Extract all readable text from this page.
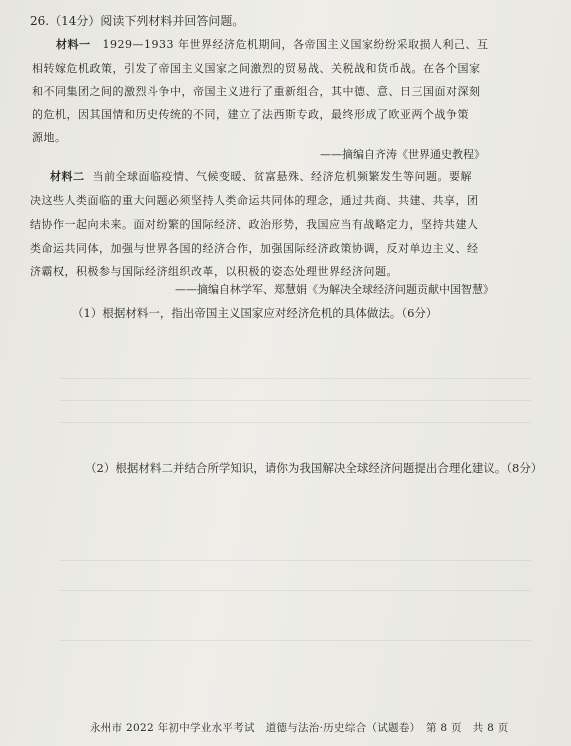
26.（14分）阅读下列材料并回答问题。
材料一 1929—1933 年世界经济危机期间，各帝国主义国家纷纷采取损人利己、互
相转嫁危机政策，引发了帝国主义国家之间激烈的贸易战、关税战和货币战。在各个国家
和不同集团之间的激烈斗争中，帝国主义进行了重新组合，其中德、意、日三国面对深刻
的危机，因其国情和历史传统的不同，建立了法西斯专政，最终形成了欧亚两个战争策
源地。
——摘编自齐涛《世界通史教程》
材料二 当前全球面临疫情、气候变暖、贫富悬殊、经济危机频繁发生等问题。要解
决这些人类面临的重大问题必须坚持人类命运共同体的理念，通过共商、共建、共享，团
结协作一起向未来。面对纷繁的国际经济、政治形势，我国应当有战略定力，坚持共建人
类命运共同体，加强与世界各国的经济合作，加强国际经济政策协调，反对单边主义、经
济霸权，积极参与国际经济组织改革，以积极的姿态处理世界经济问题。
——摘编自林学军、郑慧娟《为解决全球经济问题贡献中国智慧》
（1）根据材料一，指出帝国主义国家应对经济危机的具体做法。（6分）
（2）根据材料二并结合所学知识，请你为我国解决全球经济问题提出合理化建议。（8分）
永州市 2022 年初中学业水平考试　道德与法治·历史综合（试题卷）　第 8 页　共 8 页
